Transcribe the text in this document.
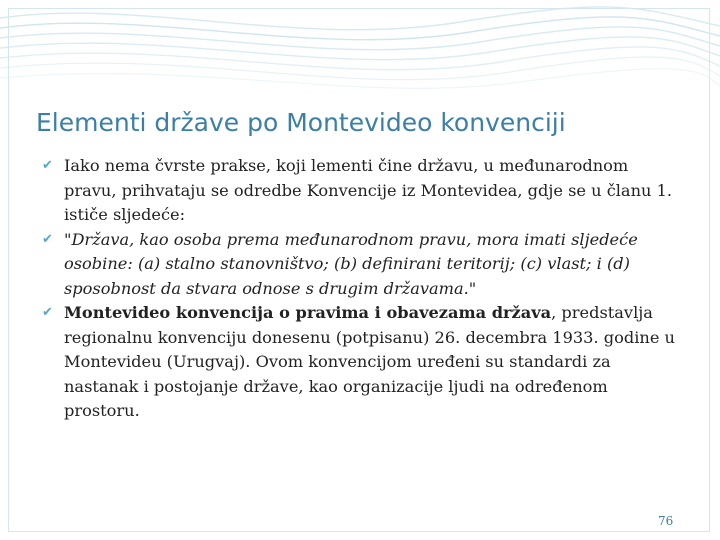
Elementi države po Montevideo konvenciji
✔ Iako nema čvrste prakse, koji lementi čine državu, u međunarodnom pravu, prihvataju se odredbe Konvencije iz Montevidea, gdje se u članu 1. ističe sljedeće:
✔ "Država, kao osoba prema međunarodnom pravu, mora imati sljedeće osobine: (a) stalno stanovništvo; (b) definirani teritorij; (c) vlast; i (d) sposobnost da stvara odnose s drugim državama."
✔ Montevideo konvencija o pravima i obavezama država, predstavlja regionalnu konvenciju donesenu (potpisanu) 26. decembra 1933. godine u Montevideu (Urugvaj). Ovom konvencijom uređeni su standardi za nastanak i postojanje države, kao organizacije ljudi na određenom prostoru.
76
